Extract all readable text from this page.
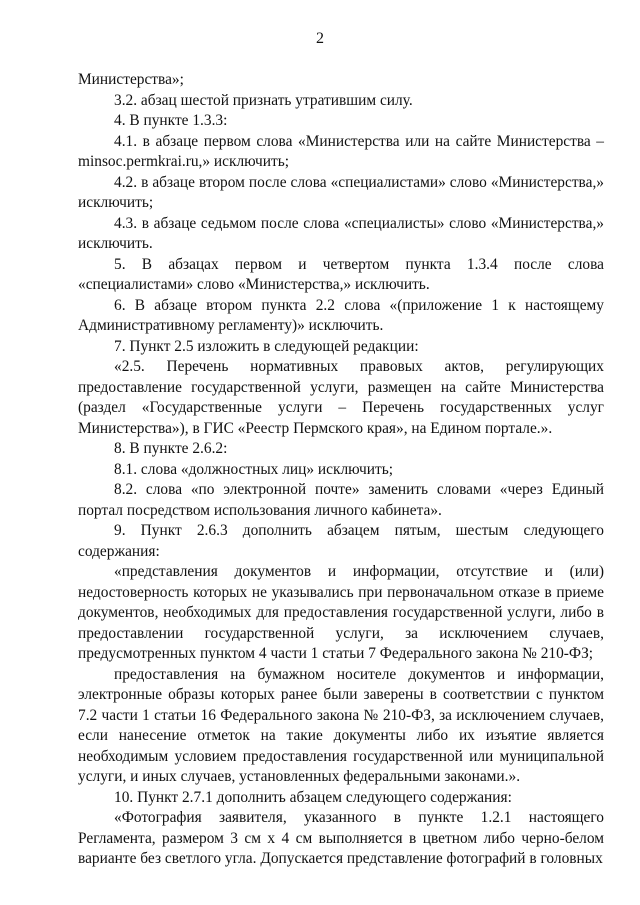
2

Министерства»;

3.2. абзац шестой признать утратившим силу.

4. В пункте 1.3.3:

4.1. в абзаце первом слова «Министерства или на сайте Министерства – minsoc.permkrai.ru,» исключить;

4.2. в абзаце втором после слова «специалистами» слово «Министерства,» исключить;

4.3. в абзаце седьмом после слова «специалисты» слово «Министерства,» исключить.

5. В абзацах первом и четвертом пункта 1.3.4 после слова «специалистами» слово «Министерства,» исключить.

6. В абзаце втором пункта 2.2 слова «(приложение 1 к настоящему Административному регламенту)» исключить.

7. Пункт 2.5 изложить в следующей редакции:

«2.5. Перечень нормативных правовых актов, регулирующих предоставление государственной услуги, размещен на сайте Министерства (раздел «Государственные услуги – Перечень государственных услуг Министерства»), в ГИС «Реестр Пермского края», на Едином портале.».

8. В пункте 2.6.2:

8.1. слова «должностных лиц» исключить;

8.2. слова «по электронной почте» заменить словами «через Единый портал посредством использования личного кабинета».

9. Пункт 2.6.3 дополнить абзацем пятым, шестым следующего содержания:

«представления документов и информации, отсутствие и (или) недостоверность которых не указывались при первоначальном отказе в приеме документов, необходимых для предоставления государственной услуги, либо в предоставлении государственной услуги, за исключением случаев, предусмотренных пунктом 4 части 1 статьи 7 Федерального закона № 210-ФЗ;

предоставления на бумажном носителе документов и информации, электронные образы которых ранее были заверены в соответствии с пунктом 7.2 части 1 статьи 16 Федерального закона № 210-ФЗ, за исключением случаев, если нанесение отметок на такие документы либо их изъятие является необходимым условием предоставления государственной или муниципальной услуги, и иных случаев, установленных федеральными законами.».

10. Пункт 2.7.1 дополнить абзацем следующего содержания:

«Фотография заявителя, указанного в пункте 1.2.1 настоящего Регламента, размером 3 см х 4 см выполняется в цветном либо черно-белом варианте без светлого угла. Допускается представление фотографий в головных
